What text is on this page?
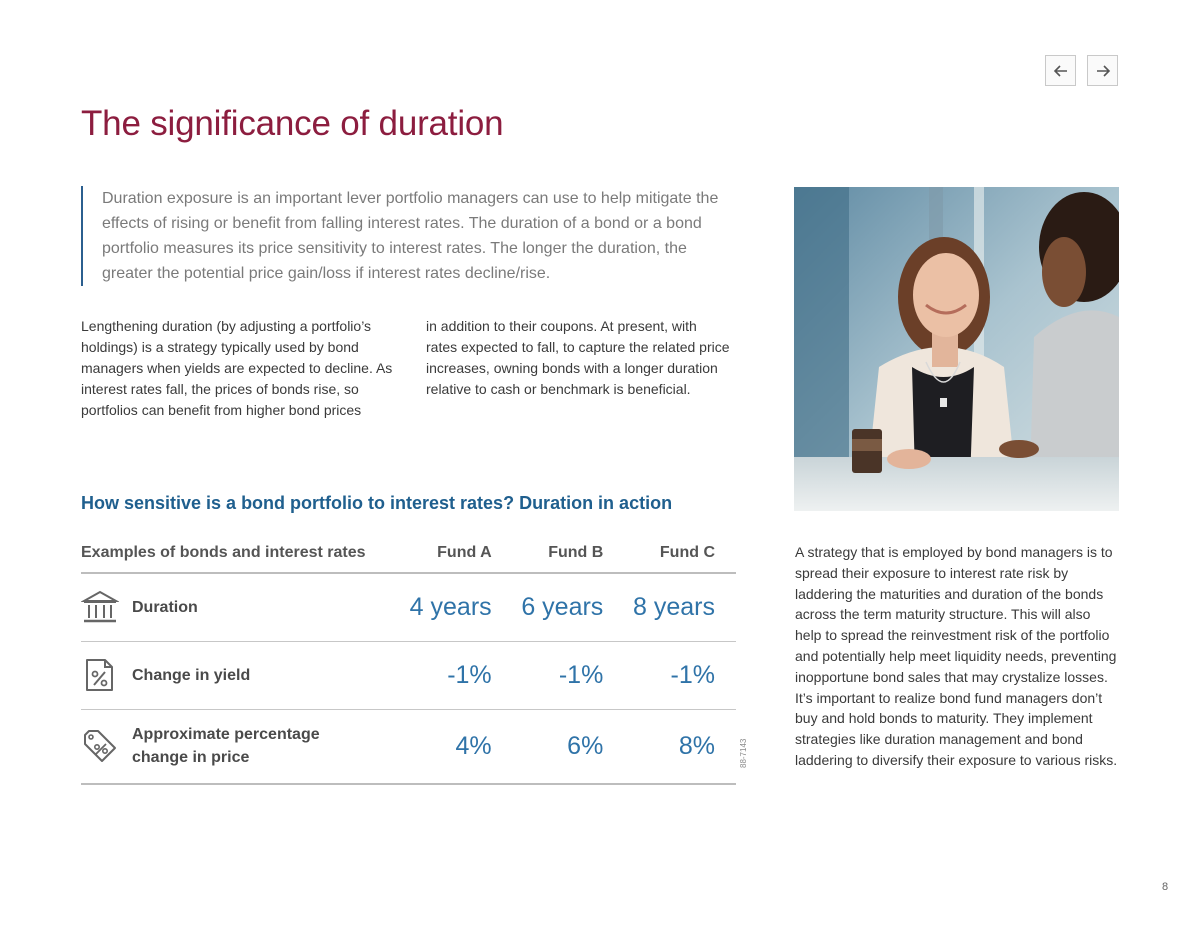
The significance of duration

Duration exposure is an important lever portfolio managers can use to help mitigate the effects of rising or benefit from falling interest rates. The duration of a bond or a bond portfolio measures its price sensitivity to interest rates. The longer the duration, the greater the potential price gain/loss if interest rates decline/rise.

Lengthening duration (by adjusting a portfolio’s holdings) is a strategy typically used by bond managers when yields are expected to decline. As interest rates fall, the prices of bonds rise, so portfolios can benefit from higher bond prices

in addition to their coupons. At present, with rates expected to fall, to capture the related price increases, owning bonds with a longer duration relative to cash or benchmark is beneficial.

How sensitive is a bond portfolio to interest rates? Duration in action
Examples of bonds and interest rates	Fund A	Fund B	Fund C

Duration	4 years	6 years	8 years

Change in yield	-1%	-1%	-1%

Approximate percentage change in price	4%	6%	8%	88-7143

A strategy that is employed by bond managers is to spread their exposure to interest rate risk by laddering the maturities and duration of the bonds across the term maturity structure. This will also help to spread the reinvestment risk of the portfolio and potentially help meet liquidity needs, preventing inopportune bond sales that may crystalize losses. It’s important to realize bond fund managers don’t buy and hold bonds to maturity. They implement strategies like duration management and bond laddering to diversify their exposure to various risks.

8
